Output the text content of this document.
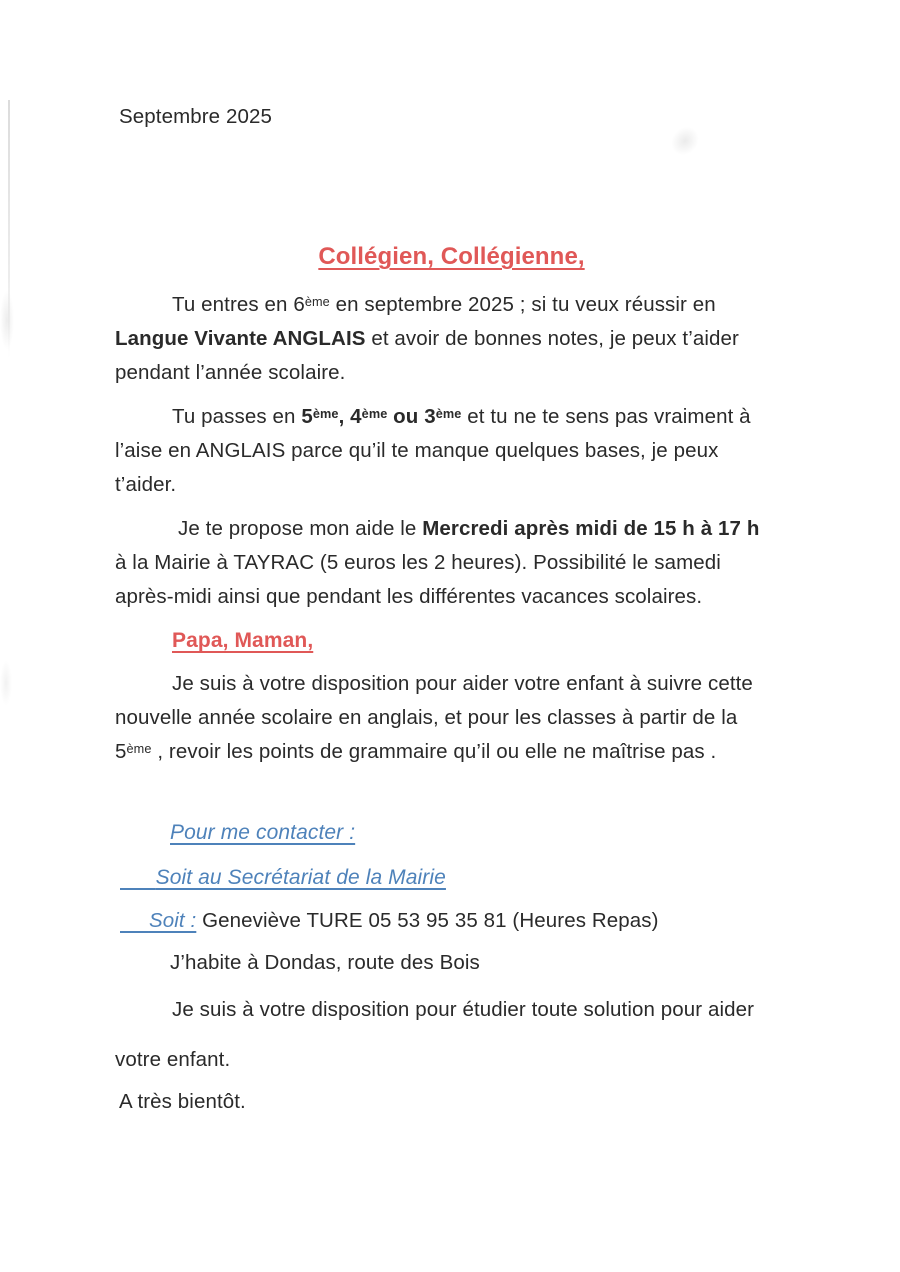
Septembre 2025

Collégien, Collégienne,

Tu entres en 6ème en septembre 2025 ; si tu veux réussir en
Langue Vivante ANGLAIS et avoir de bonnes notes, je peux t’aider
pendant l’année scolaire.

Tu passes en 5ème, 4ème ou 3ème et tu ne te sens pas vraiment à
l’aise en ANGLAIS parce qu’il te manque quelques bases, je peux
t’aider.

Je te propose mon aide le Mercredi après midi de 15 h à 17 h
à la Mairie à TAYRAC (5 euros les 2 heures). Possibilité le samedi
après-midi ainsi que pendant les différentes vacances scolaires.

Papa, Maman,

Je suis à votre disposition pour aider votre enfant à suivre cette
nouvelle année scolaire en anglais, et pour les classes à partir de la
5ème , revoir les points de grammaire qu’il ou elle ne maîtrise pas .

Pour me contacter :

Soit au Secrétariat de la Mairie

Soit : Geneviève TURE 05 53 95 35 81 (Heures Repas)

J’habite à Dondas, route des Bois

Je suis à votre disposition pour étudier toute solution pour aider
votre enfant.

A très bientôt.
